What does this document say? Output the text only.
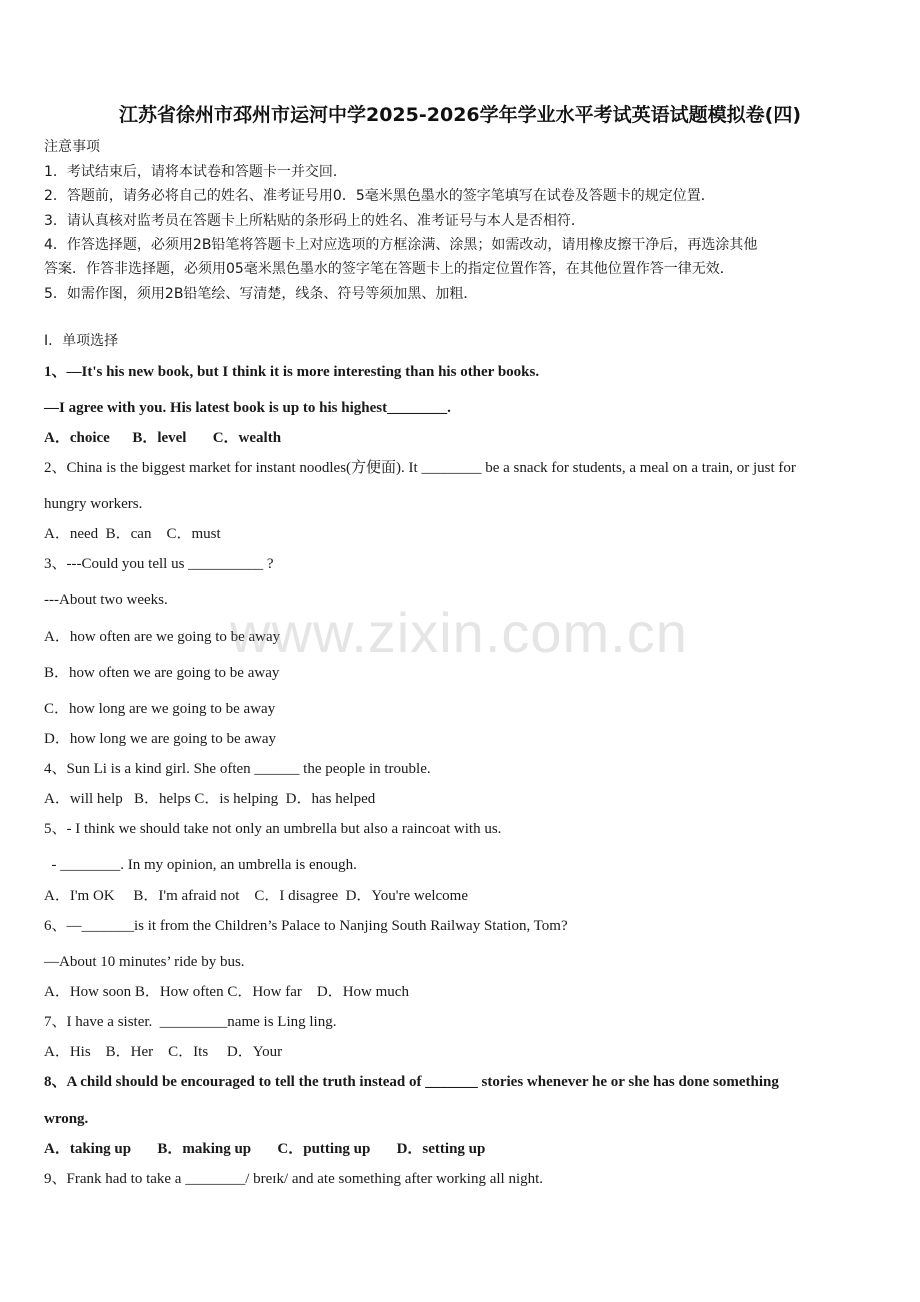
江苏省徐州市邳州市运河中学2025-2026学年学业水平考试英语试题模拟卷(四)
注意事项
1．考试结束后，请将本试卷和答题卡一并交回．
2．答题前，请务必将自己的姓名、准考证号用0．5毫米黑色墨水的签字笔填写在试卷及答题卡的规定位置．
3．请认真核对监考员在答题卡上所粘贴的条形码上的姓名、准考证号与本人是否相符．
4．作答选择题，必须用2B铅笔将答题卡上对应选项的方框涂满、涂黑；如需改动，请用橡皮擦干净后，再选涂其他
答案．作答非选择题，必须用05毫米黑色墨水的签字笔在答题卡上的指定位置作答，在其他位置作答一律无效．
5．如需作图，须用2B铅笔绘、写清楚，线条、符号等须加黑、加粗．
Ⅰ．单项选择
1、—It's his new book, but I think it is more interesting than his other books.
—I agree with you. His latest book is up to his highest________.
A．choice      B．level       C．wealth
2、China is the biggest market for instant noodles(方便面). It ________ be a snack for students, a meal on a train, or just for
hungry workers.
A．need  B．can    C．must
3、---Could you tell us __________ ?
---About two weeks.
A．how often are we going to be away
B．how often we are going to be away
C．how long are we going to be away
D．how long we are going to be away
4、Sun Li is a kind girl. She often ______ the people in trouble.
A．will help   B．helps C．is helping  D．has helped
5、- I think we should take not only an umbrella but also a raincoat with us.
- ________. In my opinion, an umbrella is enough.
A．I'm OK     B．I'm afraid not    C．I disagree  D．You're welcome
6、—_______is it from the Children’s Palace to Nanjing South Railway Station, Tom?
—About 10 minutes’ ride by bus.
A．How soon B．How often C．How far    D．How much
7、I have a sister.  _________name is Ling ling.
A．His    B．Her    C．Its     D．Your
8、A child should be encouraged to tell the truth instead of _______ stories whenever he or she has done something
wrong.
A．taking up       B．making up       C．putting up       D．setting up
9、Frank had to take a ________/ breɪk/ and ate something after working all night.
www.zixin.com.cn
